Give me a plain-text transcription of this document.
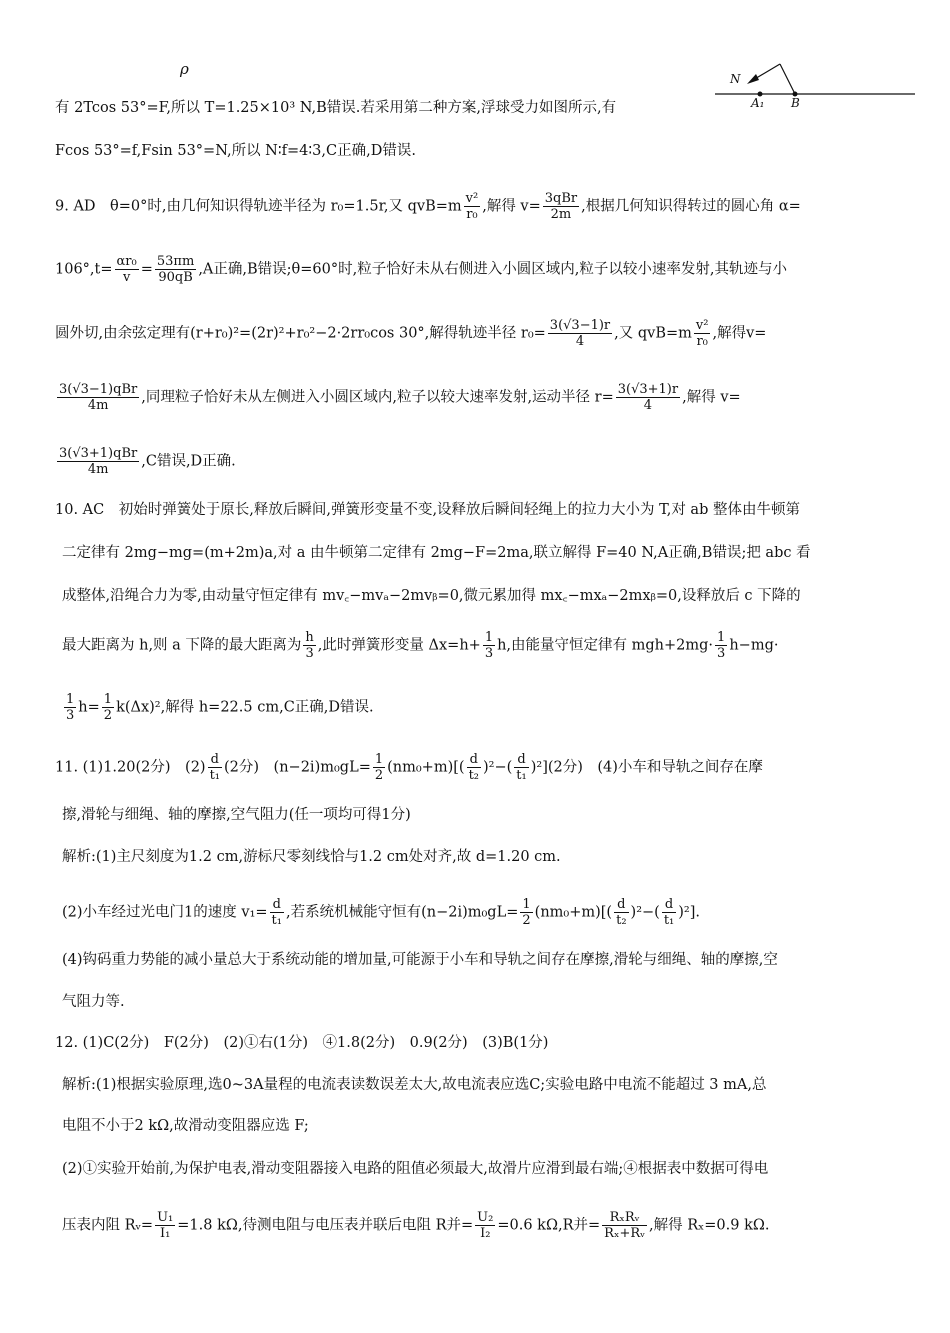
ρ
N
A₁ B
有 2Tcos 53°=F,所以 T=1.25×10³ N,B错误.若采用第二种方案,浮球受力如图所示,有
Fcos 53°=f,Fsin 53°=N,所以 N∶f=4∶3,C正确,D错误.
9. AD　θ=0°时,由几何知识得轨迹半径为 r₀=1.5r,又 $qvB=m \frac{\text{v²}}{\text{r₀}}$ ,解得 $v= \frac{\text{3qBr}}{2m}$ ,根据几何知识得转过的圆心角 α=
$106^\circ,t= \frac{\text{αr₀}}{v} = \frac{53\pi m}{90qB} ,A$正确,B错误;θ=60°时,粒子恰好未从右侧进入小圆区域内,粒子以较小速率发射,其轨迹与小
圆外切,由余弦定理有(r+r₀)²=(2r)²+r₀²−2·2rr₀cos 30°,解得轨迹半径 $r_0= \frac{3(√3-1)r}{4}$ ,又 $qvB=m \frac{\text{v²}}{\text{r₀}}$ ,解得v=
$\frac{\text{3(√3−1)qBr}}{4m}$ ,同理粒子恰好未从左侧进入小圆区域内,粒子以较大速率发射,运动半径 $r= \frac{3(√3+1)r}{4}$ ,解得 v=
$\frac{\text{3(√3+1)qBr}}{4m} ,C$错误,D正确.
10. AC　初始时弹簧处于原长,释放后瞬间,弹簧形变量不变,设释放后瞬间轻绳上的拉力大小为 T,对 ab 整体由牛顿第
二定律有 2mg−mg=(m+2m)a,对 a 由牛顿第二定律有 2mg−F=2ma,联立解得 F=40 N,A正确,B错误;把 abc 看
成整体,沿绳合力为零,由动量守恒定律有 mv꜀−mvₐ−2mvᵦ=0,微元累加得 mx꜀−mxₐ−2mxᵦ=0,设释放后 c 下降的
最大距离为 h,则 a 下降的最大距离为 $\frac{h}{3}$ ,此时弹簧形变量 $\Delta x=h+ \frac{1}{3} h$,由能量守恒定律有 $mgh+2mg\cdot \frac{1}{3} h-mg\cdot$
$\frac{1}{3} h= \frac{1}{2} k(\Delta x)^2$,解得 h=22.5 cm,C正确,D错误.
11. (1)1.20(2分)　$(2) \frac{d}{\text{t₁}} (2$分)　$(n-2i)m_0gL= \frac{1}{2} (nm_0+m)[( \frac{d}{\text{t₂}} )^2-( \frac{d}{\text{t₁}} )^2](2$分)　(4)小车和导轨之间存在摩
擦,滑轮与细绳、轴的摩擦,空气阻力(任一项均可得1分)
解析:(1)主尺刻度为1.2 cm,游标尺零刻线恰与1.2 cm处对齐,故 d=1.20 cm.
(2)小车经过光电门1的速度 $v_1= \frac{d}{\text{t₁}}$ ,若系统机械能守恒有$(n-2i)m_0gL= \frac{1}{2} (nm_0+m)[( \frac{d}{\text{t₂}} )^2-( \frac{d}{\text{t₁}} )^2]$.
(4)钩码重力势能的减小量总大于系统动能的增加量,可能源于小车和导轨之间存在摩擦,滑轮与细绳、轴的摩擦,空
气阻力等.
12. (1)C(2分)　F(2分)　(2)①右(1分)　④1.8(2分)　0.9(2分)　(3)B(1分)
解析:(1)根据实验原理,选0~3A量程的电流表读数误差太大,故电流表应选C;实验电路中电流不能超过 3 mA,总
电阻不小于2 kΩ,故滑动变阻器应选 F;
(2)①实验开始前,为保护电表,滑动变阻器接入电路的阻值必须最大,故滑片应滑到最右端;④根据表中数据可得电
压表内阻 Rᵥ= $\frac{\text{U₁}}{\text{I₁}} =1.8$ kΩ,待测电阻与电压表并联后电阻 R并= $\frac{\text{U₂}}{\text{I₂}} =0.6$ kΩ,R并= $\frac{\text{RₓRᵥ}}{\text{Rₓ+Rᵥ}}$ ,解得 Rₓ=0.9 kΩ.
